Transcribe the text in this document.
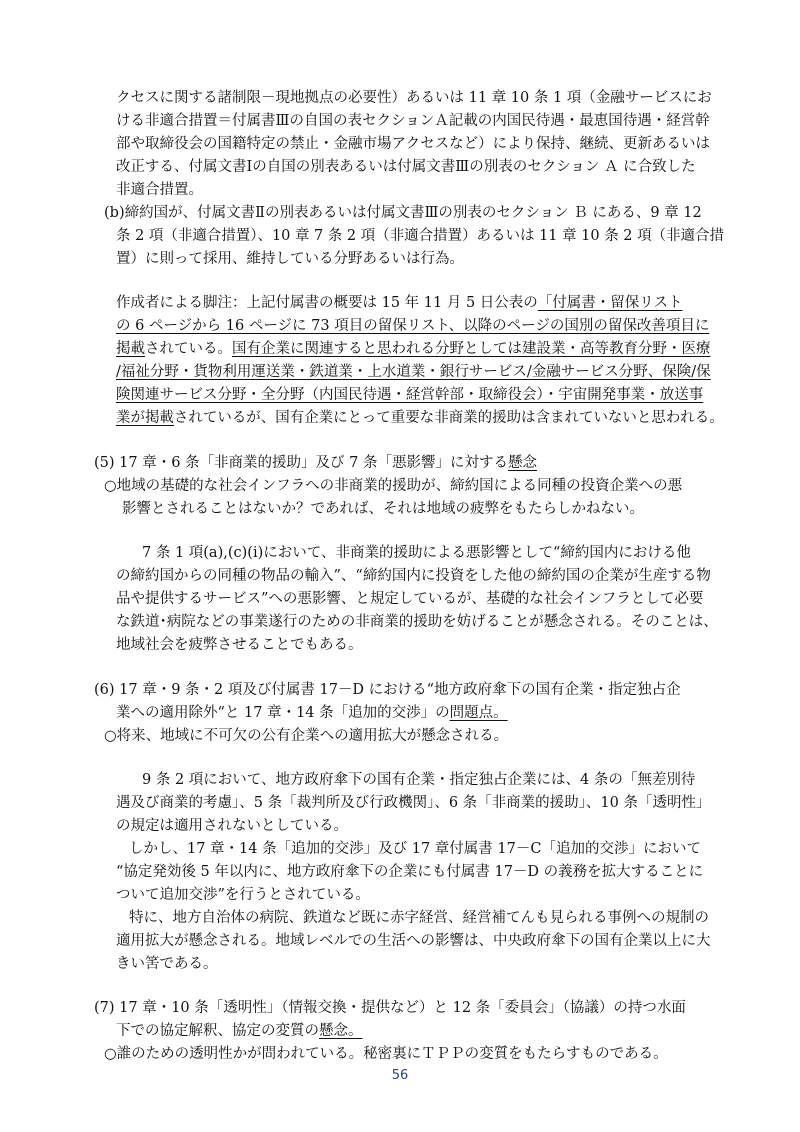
クセスに関する諸制限－現地拠点の必要性）あるいは 11 章 10 条 1 項（金融サービスにお
ける非適合措置＝付属書Ⅲの自国の表セクションＡ記載の内国民待遇・最恵国待遇・経営幹
部や取締役会の国籍特定の禁止・金融市場アクセスなど）により保持、継続、更新あるいは
改正する、付属文書Ⅰの自国の別表あるいは付属文書Ⅲの別表のセクション Ａ に合致した
非適合措置。
(b)締約国が、付属文書Ⅱの別表あるいは付属文書Ⅲの別表のセクション Ｂ にある、9 章 12
条 2 項（非適合措置）、10 章 7 条 2 項（非適合措置）あるいは 11 章 10 条 2 項（非適合措
置）に則って採用、維持している分野あるいは行為。
作成者による脚注：上記付属書の概要は 15 年 11 月 5 日公表の「付属書・留保リスト
の 6 ページから 16 ページに 73 項目の留保リスト、以降のページの国別の留保改善項目に
掲載されている。国有企業に関連すると思われる分野としては建設業・高等教育分野・医療
/福祉分野・貨物利用運送業・鉄道業・上水道業・銀行サービス/金融サービス分野、保険/保
険関連サービス分野・全分野（内国民待遇・経営幹部・取締役会）・宇宙開発事業・放送事
業が掲載されているが、国有企業にとって重要な非商業的援助は含まれていないと思われる。
(5) 17 章・6 条「非商業的援助」及び 7 条「悪影響」に対する懸念
○地域の基礎的な社会インフラへの非商業的援助が、締約国による同種の投資企業への悪
影響とされることはないか？であれば、それは地域の疲弊をもたらしかねない。
7 条 1 項(a),(c)(i)において、非商業的援助による悪影響として“締約国内における他
の締約国からの同種の物品の輸入”、“締約国内に投資をした他の締約国の企業が生産する物
品や提供するサービス”への悪影響、と規定しているが、基礎的な社会インフラとして必要
な鉄道･病院などの事業遂行のための非商業的援助を妨げることが懸念される。そのことは、
地域社会を疲弊させることでもある。
(6) 17 章・9 条・2 項及び付属書 17－D における“地方政府傘下の国有企業・指定独占企
業への適用除外“と 17 章・14 条「追加的交渉」の問題点。
○将来、地域に不可欠の公有企業への適用拡大が懸念される。
9 条 2 項において、地方政府傘下の国有企業・指定独占企業には、4 条の「無差別待
遇及び商業的考慮」、5 条「裁判所及び行政機関」、6 条「非商業的援助」、10 条「透明性」
の規定は適用されないとしている。
しかし、17 章・14 条「追加的交渉」及び 17 章付属書 17－C「追加的交渉」において
“協定発効後 5 年以内に、地方政府傘下の企業にも付属書 17－D の義務を拡大することに
ついて追加交渉”を行うとされている。
特に、地方自治体の病院、鉄道など既に赤字経営、経営補てんも見られる事例への規制の
適用拡大が懸念される。地域レベルでの生活への影響は、中央政府傘下の国有企業以上に大
きい筈である。
(7) 17 章・10 条「透明性」（情報交換・提供など）と 12 条「委員会」（協議）の持つ水面
下での協定解釈、協定の変質の懸念。
○誰のための透明性かが問われている。秘密裏にＴＰＰの変質をもたらすものである。
56
